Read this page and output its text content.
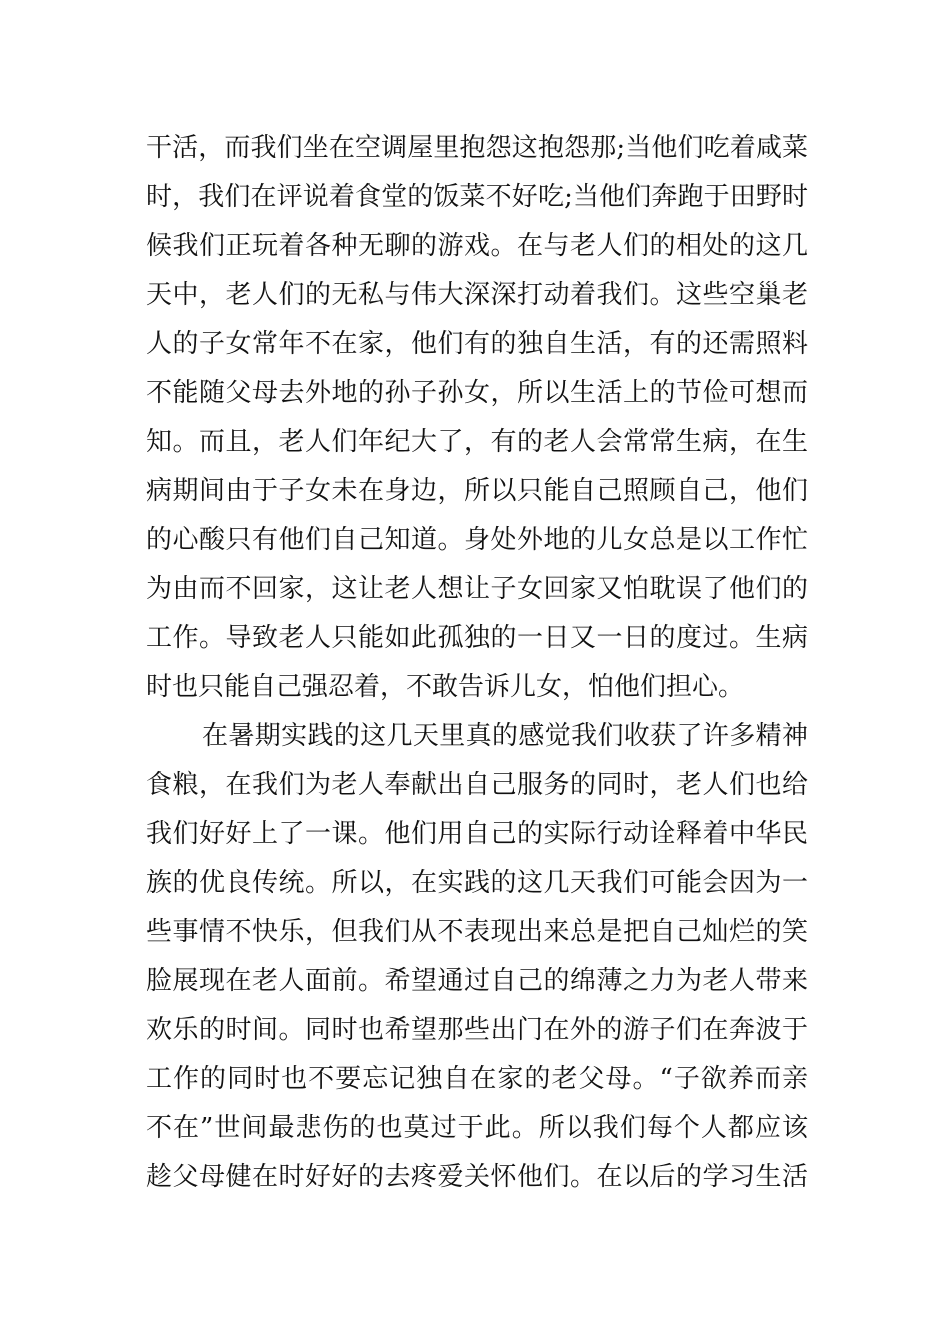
干活，而我们坐在空调屋里抱怨这抱怨那;当他们吃着咸菜
时，我们在评说着食堂的饭菜不好吃;当他们奔跑于田野时
候我们正玩着各种无聊的游戏。在与老人们的相处的这几
天中，老人们的无私与伟大深深打动着我们。这些空巢老
人的子女常年不在家，他们有的独自生活，有的还需照料
不能随父母去外地的孙子孙女，所以生活上的节俭可想而
知。而且，老人们年纪大了，有的老人会常常生病，在生
病期间由于子女未在身边，所以只能自己照顾自己，他们
的心酸只有他们自己知道。身处外地的儿女总是以工作忙
为由而不回家，这让老人想让子女回家又怕耽误了他们的
工作。导致老人只能如此孤独的一日又一日的度过。生病
时也只能自己强忍着，不敢告诉儿女，怕他们担心。
在暑期实践的这几天里真的感觉我们收获了许多精神
食粮，在我们为老人奉献出自己服务的同时，老人们也给
我们好好上了一课。他们用自己的实际行动诠释着中华民
族的优良传统。所以，在实践的这几天我们可能会因为一
些事情不快乐，但我们从不表现出来总是把自己灿烂的笑
脸展现在老人面前。希望通过自己的绵薄之力为老人带来
欢乐的时间。同时也希望那些出门在外的游子们在奔波于
工作的同时也不要忘记独自在家的老父母。“子欲养而亲
不在”世间最悲伤的也莫过于此。所以我们每个人都应该
趁父母健在时好好的去疼爱关怀他们。在以后的学习生活
